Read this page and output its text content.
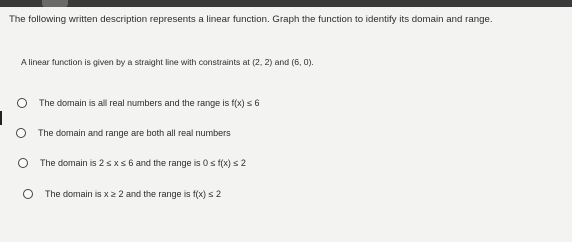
The following written description represents a linear function. Graph the function to identify its domain and range.
A linear function is given by a straight line with constraints at (2, 2) and (6, 0).
The domain is all real numbers and the range is f(x) ≤ 6
The domain and range are both all real numbers
The domain is 2 ≤ x ≤ 6 and the range is 0 ≤ f(x) ≤ 2
The domain is x ≥ 2 and the range is f(x) ≤ 2
